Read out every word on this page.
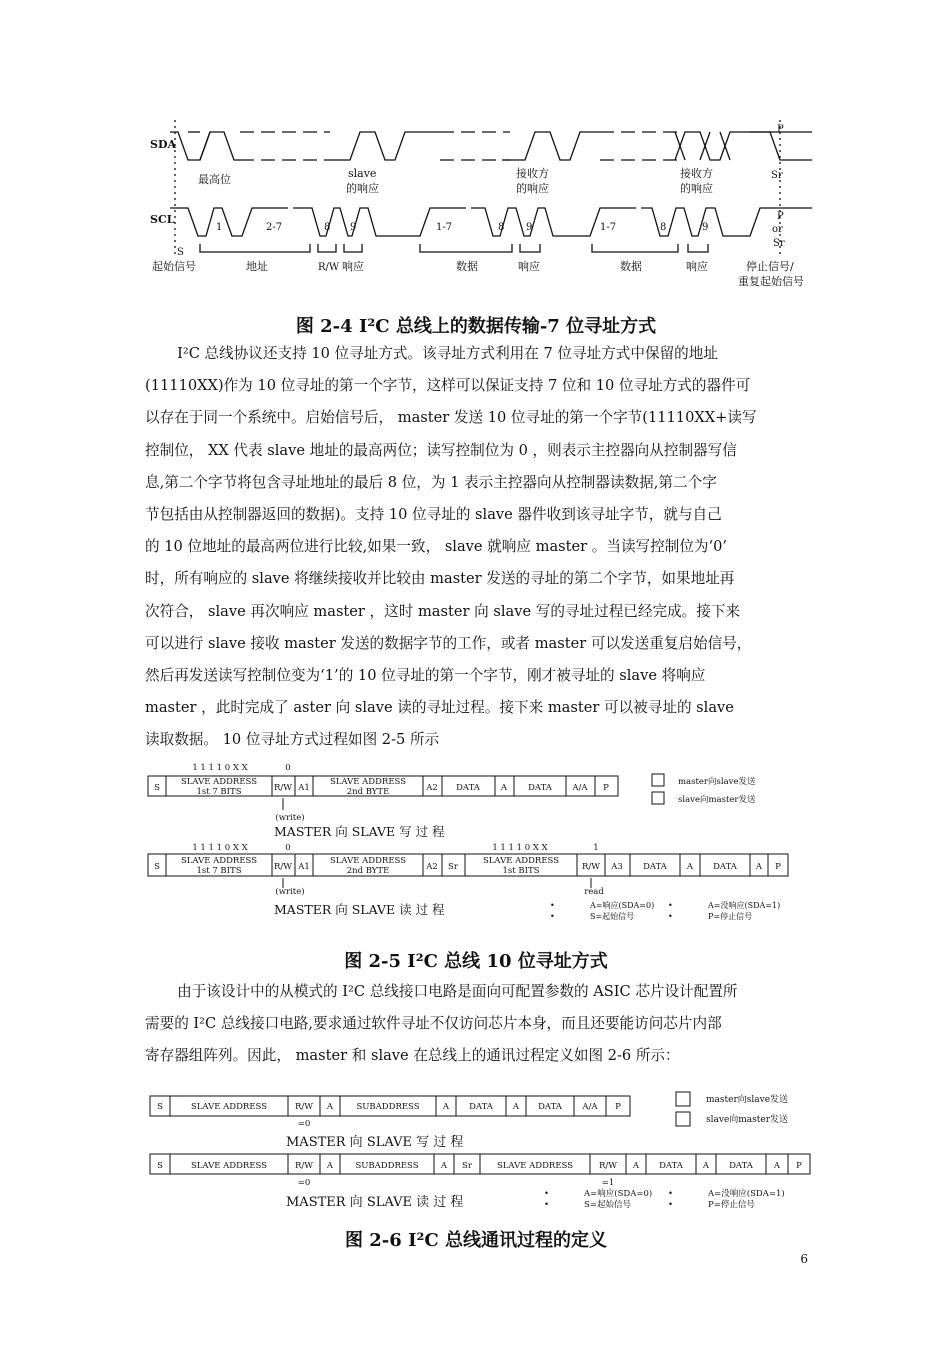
SDA
SCL
最高位	slave
的响应
接收方
的响应
接收方
的响应
P
Sr
1	2-7	8 9	1-7	8 9	1-7	8	9
P
or
Sr
S
起始信号	地址	R/W 响应	数据	响应	数据	响应	停止信号/
重复起始信号
图 2-4 I²C 总线上的数据传输-7 位寻址方式

I²C 总线协议还支持 10 位寻址方式。该寻址方式利用在 7 位寻址方式中保留的地址

(11110XX)作为 10 位寻址的第一个字节，这样可以保证支持 7 位和 10 位寻址方式的器件可

以存在于同一个系统中。启始信号后， master 发送 10 位寻址的第一个字节(11110XX+读写

控制位， XX 代表 slave 地址的最高两位；读写控制位为 0 ，则表示主控器向从控制器写信

息,第二个字节将包含寻址地址的最后 8 位，为 1 表示主控器向从控制器读数据,第二个字

节包括由从控制器返回的数据)。支持 10 位寻址的 slave 器件收到该寻址字节，就与自己

的 10 位地址的最高两位进行比较,如果一致， slave 就响应 master 。当读写控制位为‘0’

时，所有响应的 slave 将继续接收并比较由 master 发送的寻址的第二个字节，如果地址再

次符合， slave 再次响应 master ，这时 master 向 slave 写的寻址过程已经完成。接下来

可以进行 slave 接收 master 发送的数据字节的工作，或者 master 可以发送重复启始信号，

然后再发送读写控制位变为‘1’的 10 位寻址的第一个字节，刚才被寻址的 slave 将响应

master ，此时完成了 aster 向 slave 读的寻址过程。接下来 master 可以被寻址的 slave

读取数据。 10 位寻址方式过程如图 2-5 所示

1 1 1 1 0 X X	0
S
SLAVE ADDRESS
1st 7 BITS	R/W A1
SLAVE ADDRESS
2nd BYTE	A2 DATA A DATA A/A P
(write)
master向slave发送
slave向master发送
MASTER 向 SLAVE 写 过 程
1 1 1 1 0 X X	0	1 1 1 1 0 X X	1
S
SLAVE ADDRESS
1st 7 BITS	R/W A1
SLAVE ADDRESS
2nd BYTE	A2 Sr
SLAVE ADDRESS
1st BITS	R/W A3 DATA A DATA A P
(write)	read
MASTER 向 SLAVE 读 过 程	•
•
•
•
A=响应(SDA=0)
S=起始信号
A=没响应(SDA=1)
P=停止信号
图 2-5 I²C 总线 10 位寻址方式

由于该设计中的从模式的 I²C 总线接口电路是面向可配置参数的 ASIC 芯片设计配置所

需要的 I²C 总线接口电路,要求通过软件寻址不仅访问芯片本身，而且还要能访问芯片内部

寄存器组阵列。因此， master 和 slave 在总线上的通讯过程定义如图 2-6 所示：

S	SLAVE ADDRESS	R/W A	SUBADDRESS	A DATA A DATA A/A P
=0
master向slave发送
slave向master发送
MASTER 向 SLAVE 写 过 程
S	SLAVE ADDRESS	R/W A	SUBADDRESS	A Sr	SLAVE ADDRESS	R/W A DATA A DATA A P
=0	=1
MASTER 向 SLAVE 读 过 程
•
•
•
•
A=响应(SDA=0)
S=起始信号
A=没响应(SDA=1)
P=停止信号
图 2-6 I²C 总线通讯过程的定义
6
